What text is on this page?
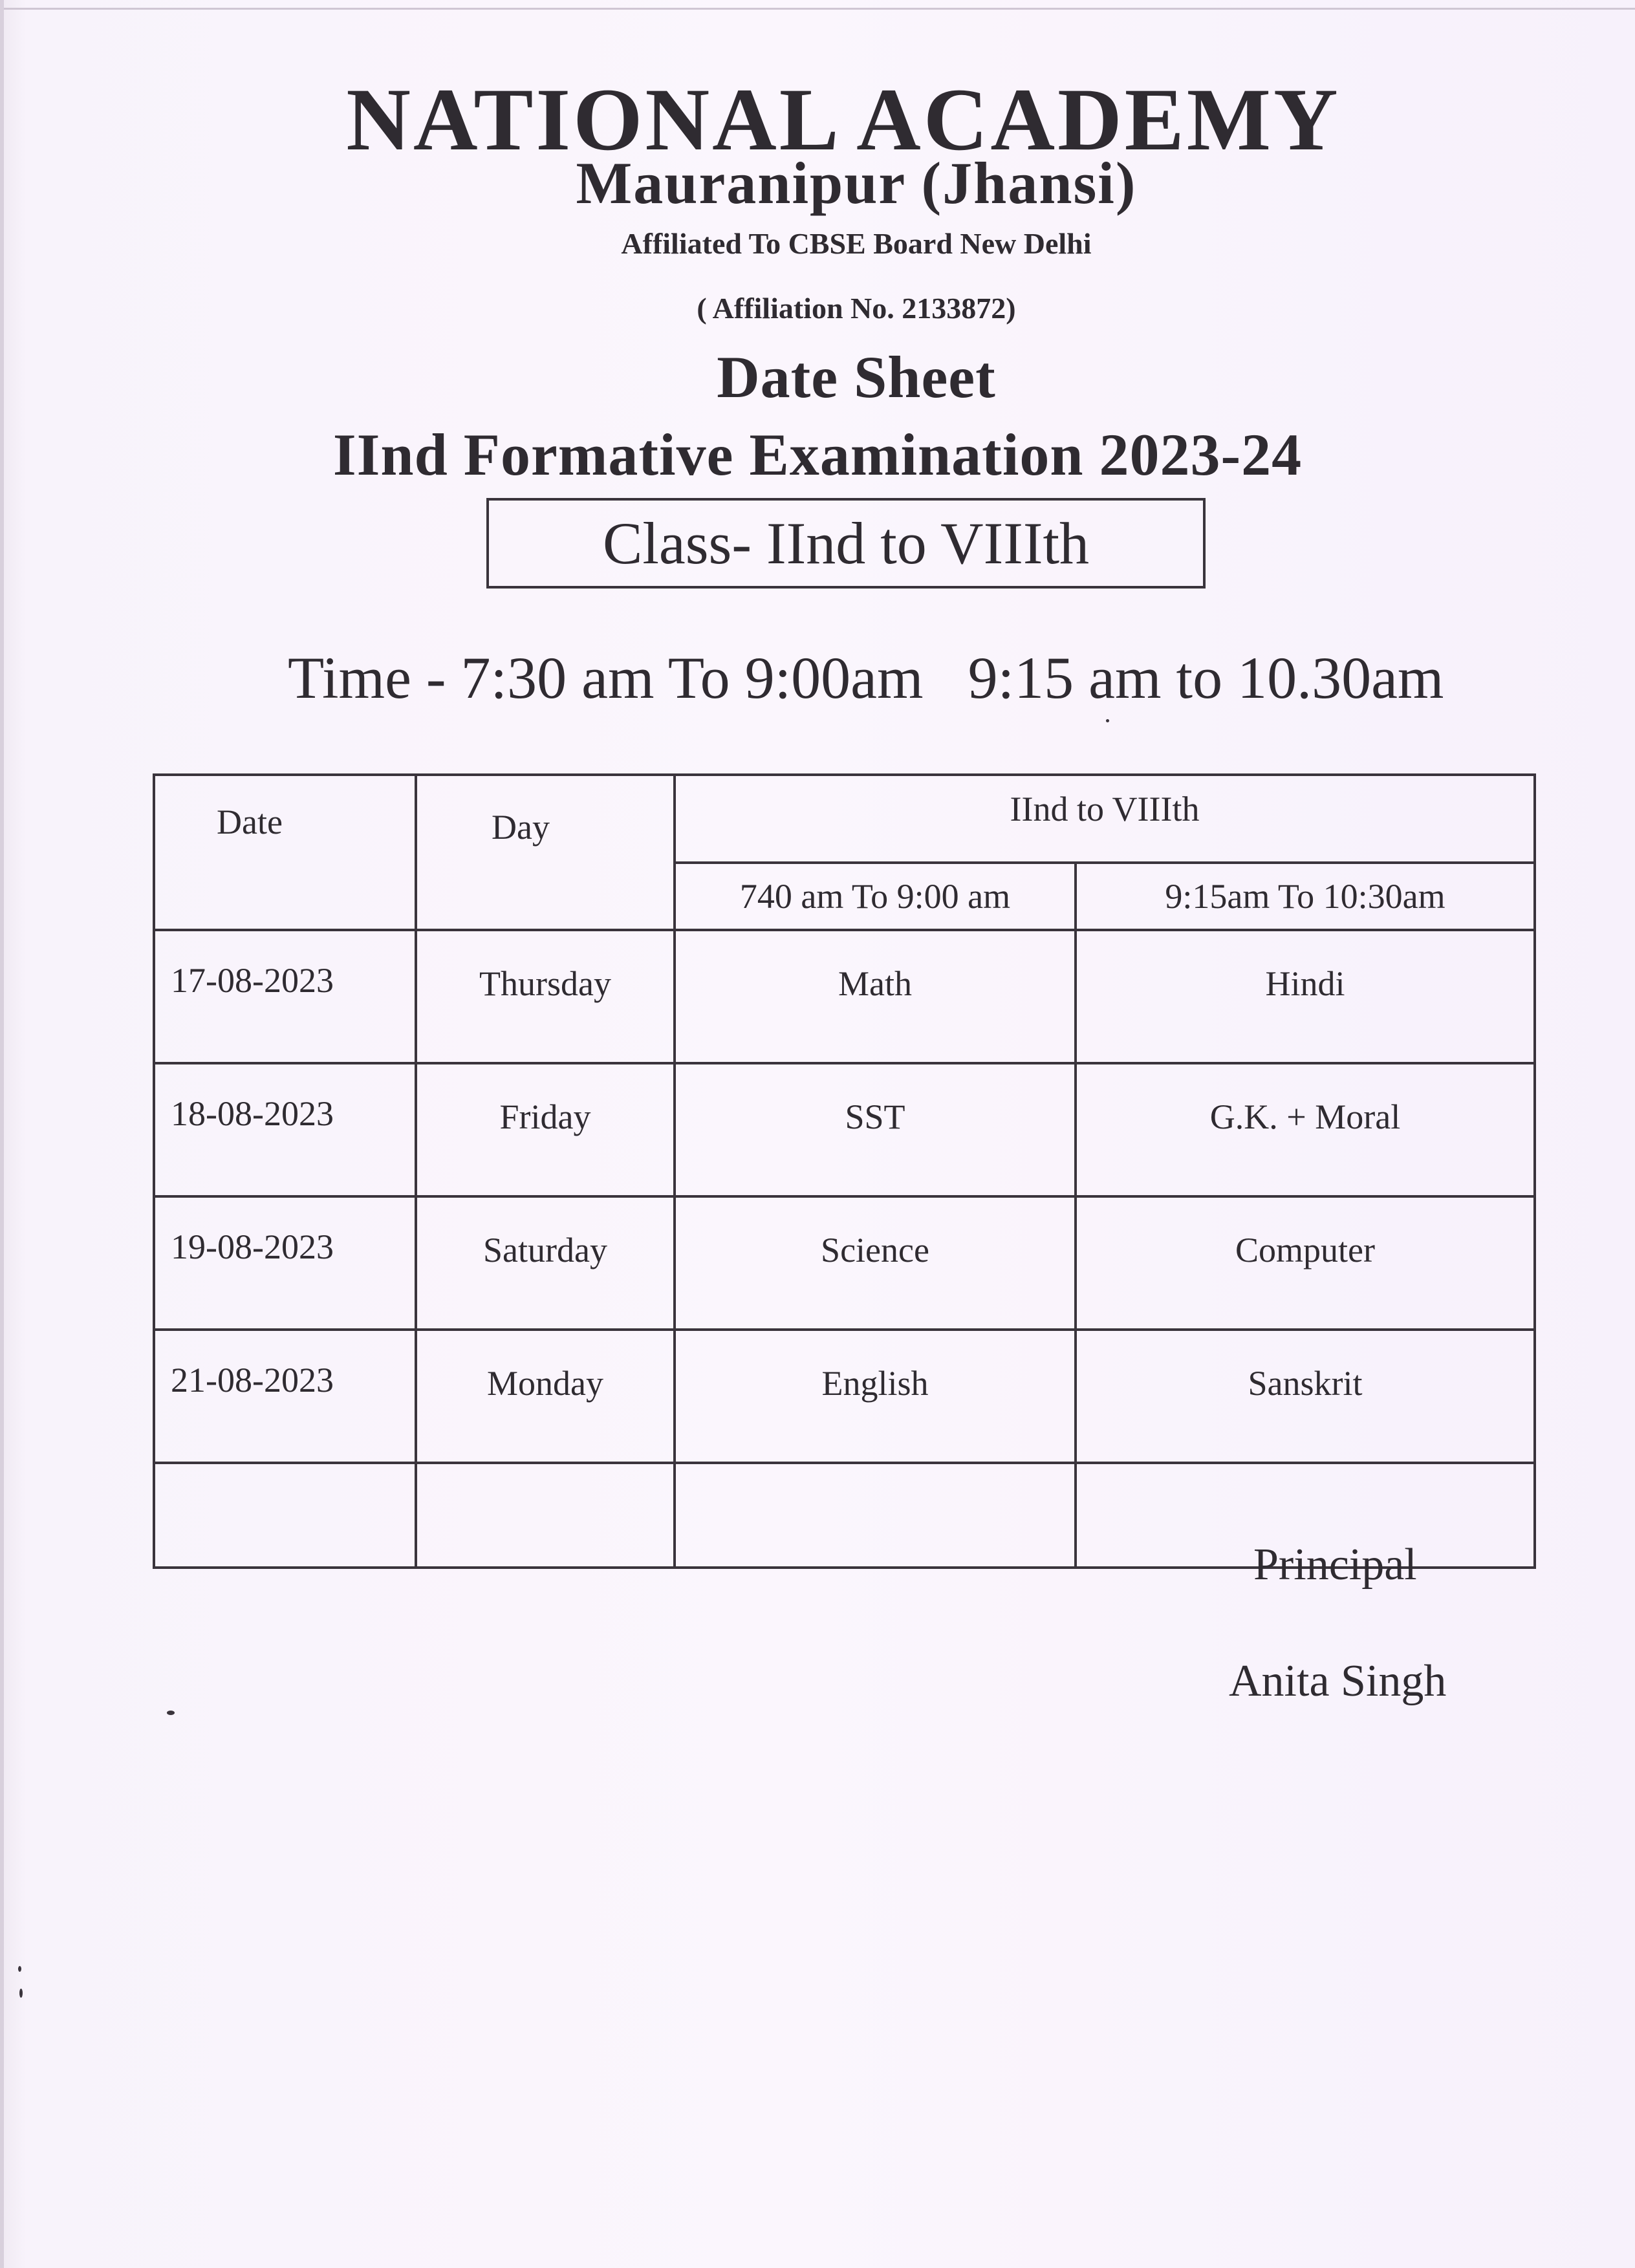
NATIONAL ACADEMY
Mauranipur (Jhansi)
Affiliated To CBSE Board New Delhi
( Affiliation No. 2133872)
Date Sheet
IInd Formative Examination 2023-24
Class- IInd to VIIIth
Time - 7:30 am To 9:00am   9:15 am to 10.30am
Date	Day	IInd to VIIIth	
		740 am To 9:00 am	9:15am To 10:30am
17-08-2023	Thursday	Math	Hindi
18-08-2023	Friday	SST	G.K. + Moral
19-08-2023	Saturday	Science	Computer
21-08-2023	Monday	English	Sanskrit

Principal
Anita Singh
